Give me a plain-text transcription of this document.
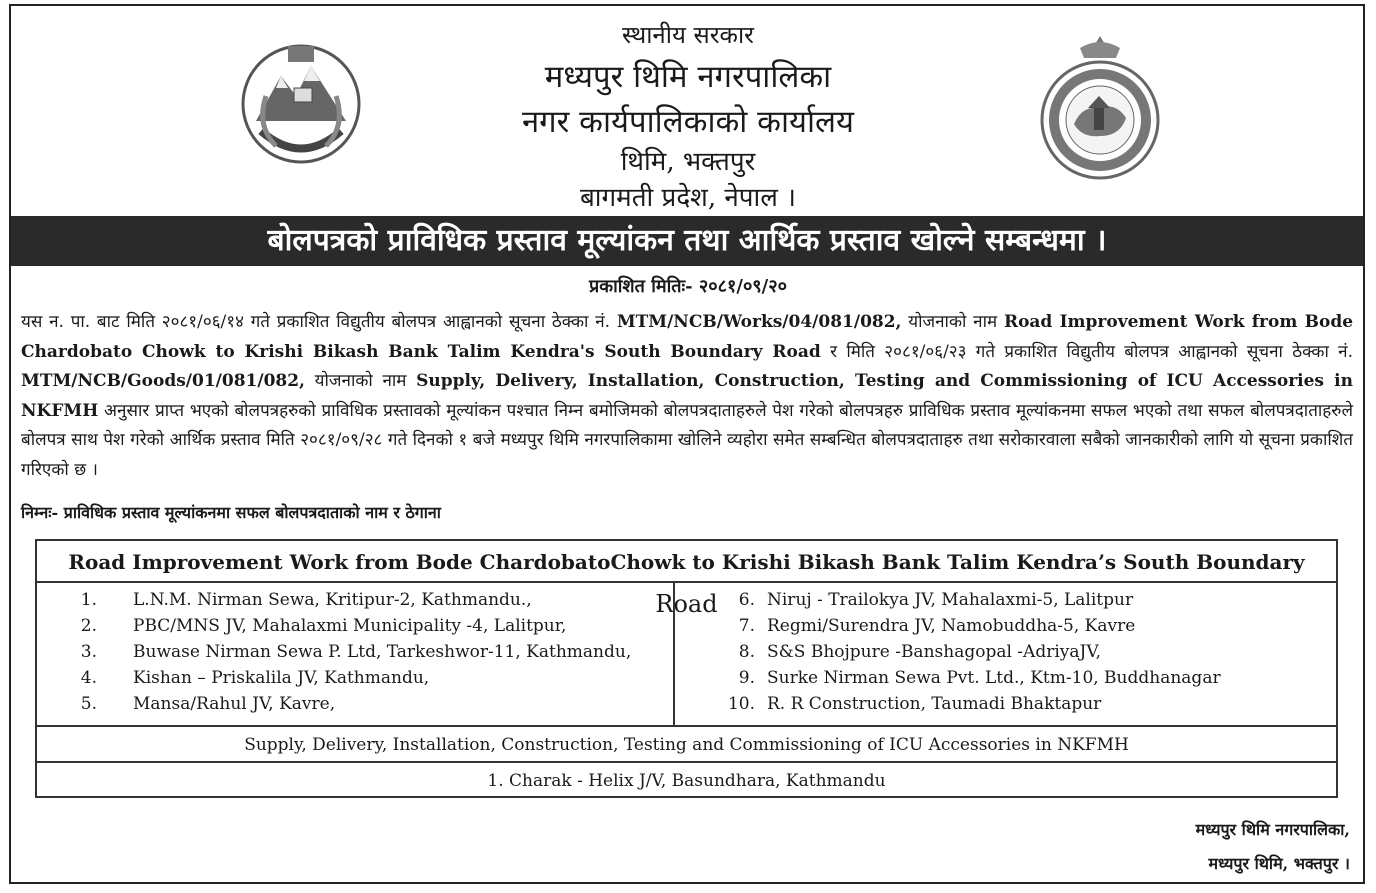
स्थानीय सरकार
मध्यपुर थिमि नगरपालिका
नगर कार्यपालिकाको कार्यालय
थिमि, भक्तपुर
बागमती प्रदेश, नेपाल ।
बोलपत्रको प्राविधिक प्रस्ताव मूल्यांकन तथा आर्थिक प्रस्ताव खोल्ने सम्बन्धमा ।
प्रकाशित मितिः- २०८१/०९/२०
यस न. पा. बाट मिति २०८१/०६/१४ गते प्रकाशित विद्युतीय बोलपत्र आह्वानको सूचना ठेक्का नं. MTM/NCB/Works/04/081/082, योजनाको नाम Road Improvement Work from Bode Chardobato Chowk to Krishi Bikash Bank Talim Kendra's South Boundary Road र मिति २०८१/०६/२३ गते प्रकाशित विद्युतीय बोलपत्र आह्वानको सूचना ठेक्का नं. MTM/NCB/Goods/01/081/082, योजनाको नाम Supply, Delivery, Installation, Construction, Testing and Commissioning of ICU Accessories in NKFMH अनुसार प्राप्त भएको बोलपत्रहरुको प्राविधिक प्रस्तावको मूल्यांकन पश्चात निम्न बमोजिमको बोलपत्रदाताहरुले पेश गरेको बोलपत्रहरु प्राविधिक प्रस्ताव मूल्यांकनमा सफल भएको तथा सफल बोलपत्रदाताहरुले बोलपत्र साथ पेश गरेको आर्थिक प्रस्ताव मिति २०८१/०९/२८ गते दिनको १ बजे मध्यपुर थिमि नगरपालिकामा खोलिने व्यहोरा समेत सम्बन्धित बोलपत्रदाताहरु तथा सरोकारवाला सबैको जानकारीको लागि यो सूचना प्रकाशित गरिएको छ ।
निम्नः- प्राविधिक प्रस्ताव मूल्यांकनमा सफल बोलपत्रदाताको नाम र ठेगाना
Road Improvement Work from Bode ChardobatoChowk to Krishi Bikash Bank Talim Kendra’s South Boundary Road
1. L.N.M. Nirman Sewa, Kritipur-2, Kathmandu.,
2. PBC/MNS JV, Mahalaxmi Municipality -4, Lalitpur,
3. Buwase Nirman Sewa P. Ltd, Tarkeshwor-11, Kathmandu,
4. Kishan – Priskalila JV, Kathmandu,
5. Mansa/Rahul JV, Kavre,
6. Niruj - Trailokya JV, Mahalaxmi-5, Lalitpur
7. Regmi/Surendra JV, Namobuddha-5, Kavre
8. S&S Bhojpure -Banshagopal -AdriyaJV,
9. Surke Nirman Sewa Pvt. Ltd., Ktm-10, Buddhanagar
10. R. R Construction, Taumadi Bhaktapur
Supply, Delivery, Installation, Construction, Testing and Commissioning of ICU Accessories in NKFMH
1. Charak - Helix J/V, Basundhara, Kathmandu
मध्यपुर थिमि नगरपालिका,
मध्यपुर थिमि, भक्तपुर ।
